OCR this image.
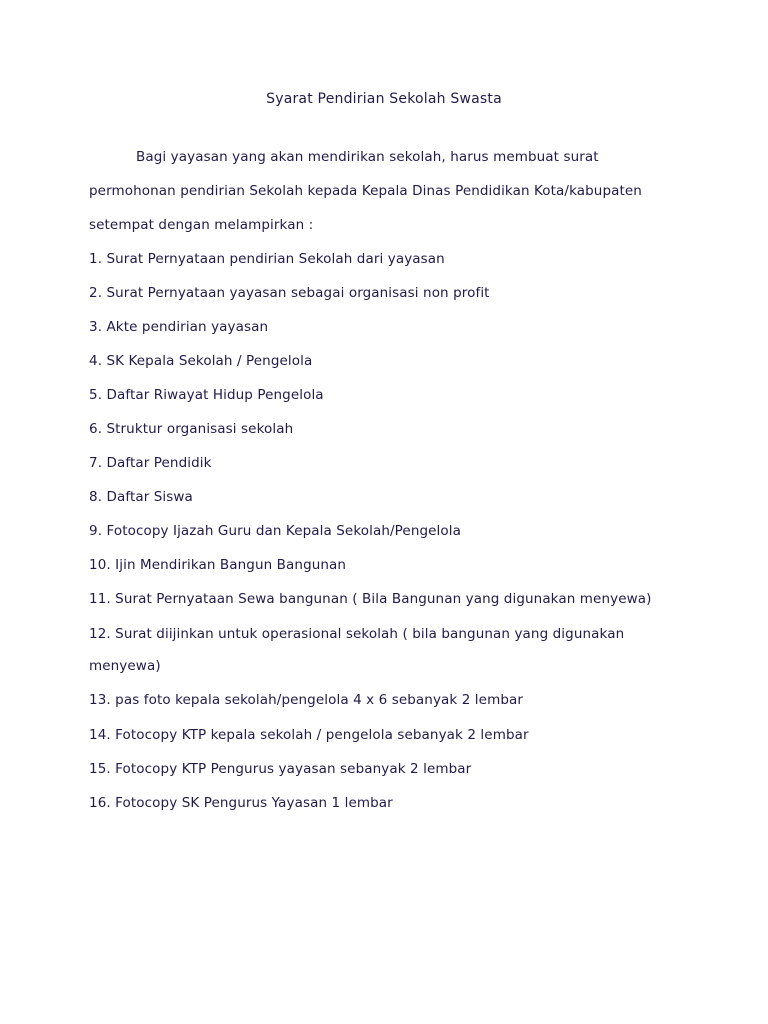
Syarat Pendirian Sekolah Swasta
Bagi yayasan yang akan mendirikan sekolah, harus membuat surat
permohonan pendirian Sekolah kepada Kepala Dinas Pendidikan Kota/kabupaten
setempat dengan melampirkan :
1. Surat Pernyataan pendirian Sekolah dari yayasan
2. Surat Pernyataan yayasan sebagai organisasi non profit
3. Akte pendirian yayasan
4. SK Kepala Sekolah / Pengelola
5. Daftar Riwayat Hidup Pengelola
6. Struktur organisasi sekolah
7. Daftar Pendidik
8. Daftar Siswa
9. Fotocopy Ijazah Guru dan Kepala Sekolah/Pengelola
10. Ijin Mendirikan Bangun Bangunan
11. Surat Pernyataan Sewa bangunan ( Bila Bangunan yang digunakan menyewa)
12. Surat diijinkan untuk operasional sekolah ( bila bangunan yang digunakan
menyewa)
13. pas foto kepala sekolah/pengelola 4 x 6 sebanyak 2 lembar
14. Fotocopy KTP kepala sekolah / pengelola sebanyak 2 lembar
15. Fotocopy KTP Pengurus yayasan sebanyak 2 lembar
16. Fotocopy SK Pengurus Yayasan 1 lembar
